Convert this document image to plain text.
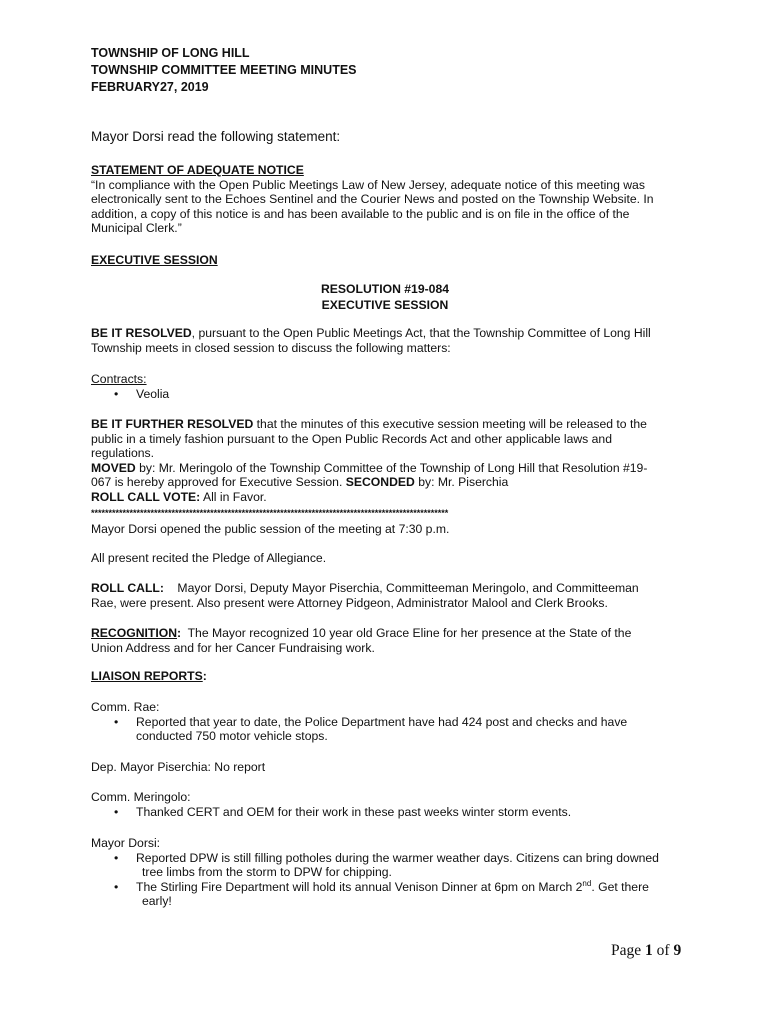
TOWNSHIP OF LONG HILL
TOWNSHIP COMMITTEE MEETING MINUTES
FEBRUARY27, 2019
Mayor Dorsi read the following statement:
STATEMENT OF ADEQUATE NOTICE
“In compliance with the Open Public Meetings Law of New Jersey, adequate notice of this meeting was
electronically sent to the Echoes Sentinel and the Courier News and posted on the Township Website. In
addition, a copy of this notice is and has been available to the public and is on file in the office of the
Municipal Clerk.”
EXECUTIVE SESSION
RESOLUTION #19-084
EXECUTIVE SESSION
BE IT RESOLVED, pursuant to the Open Public Meetings Act, that the Township Committee of Long Hill
Township meets in closed session to discuss the following matters:
Contracts:
• Veolia
BE IT FURTHER RESOLVED that the minutes of this executive session meeting will be released to the
public in a timely fashion pursuant to the Open Public Records Act and other applicable laws and
regulations.
MOVED by: Mr. Meringolo of the Township Committee of the Township of Long Hill that Resolution #19-
067 is hereby approved for Executive Session. SECONDED by: Mr. Piserchia
ROLL CALL VOTE: All in Favor.
******************************************************************************************************
Mayor Dorsi opened the public session of the meeting at 7:30 p.m.
All present recited the Pledge of Allegiance.
ROLL CALL:    Mayor Dorsi, Deputy Mayor Piserchia, Committeeman Meringolo, and Committeeman
Rae, were present. Also present were Attorney Pidgeon, Administrator Malool and Clerk Brooks.
RECOGNITION:  The Mayor recognized 10 year old Grace Eline for her presence at the State of the
Union Address and for her Cancer Fundraising work.
LIAISON REPORTS:
Comm. Rae:
• Reported that year to date, the Police Department have had 424 post and checks and have
conducted 750 motor vehicle stops.
Dep. Mayor Piserchia: No report
Comm. Meringolo:
• Thanked CERT and OEM for their work in these past weeks winter storm events.
Mayor Dorsi:
• Reported DPW is still filling potholes during the warmer weather days. Citizens can bring downed
tree limbs from the storm to DPW for chipping.
• The Stirling Fire Department will hold its annual Venison Dinner at 6pm on March 2nd. Get there
early!
Page 1 of 9
